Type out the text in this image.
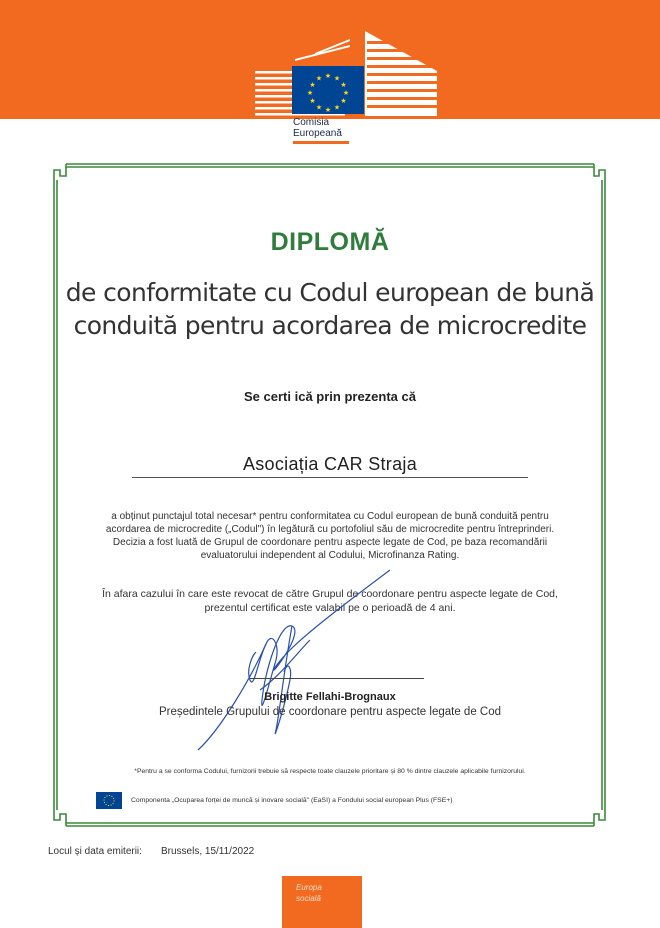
★ ★
★
★
★
★
★
★
★
★
★
★
Comisia
Europeană
DIPLOMĂ
de conformitate cu Codul european de bună conduită pentru acordarea de microcredite
Se certi ică prin prezenta că
Asociația CAR Straja
a obținut punctajul total necesar* pentru conformitatea cu Codul european de bună conduită pentru acordarea de microcredite („Codul") în legătură cu portofoliul său de microcredite pentru întreprinderi. Decizia a fost luată de Grupul de coordonare pentru aspecte legate de Cod, pe baza recomandării evaluatorului independent al Codului, Microfinanza Rating.
În afara cazului în care este revocat de către Grupul de coordonare pentru aspecte legate de Cod, prezentul certificat este valabil pe o perioadă de 4 ani.
Brigitte Fellahi-Brognaux
Președintele Grupului de coordonare pentru aspecte legate de Cod
*Pentru a se conforma Codului, furnizorii trebuie să respecte toate clauzele prioritare și 80 % dintre clauzele aplicabile furnizorului.
Componenta „Ocuparea forței de muncă și inovare socială" (EaSI) a Fondului social european Plus (FSE+)
Locul și data emiterii: Brussels, 15/11/2022
Europa
socială
